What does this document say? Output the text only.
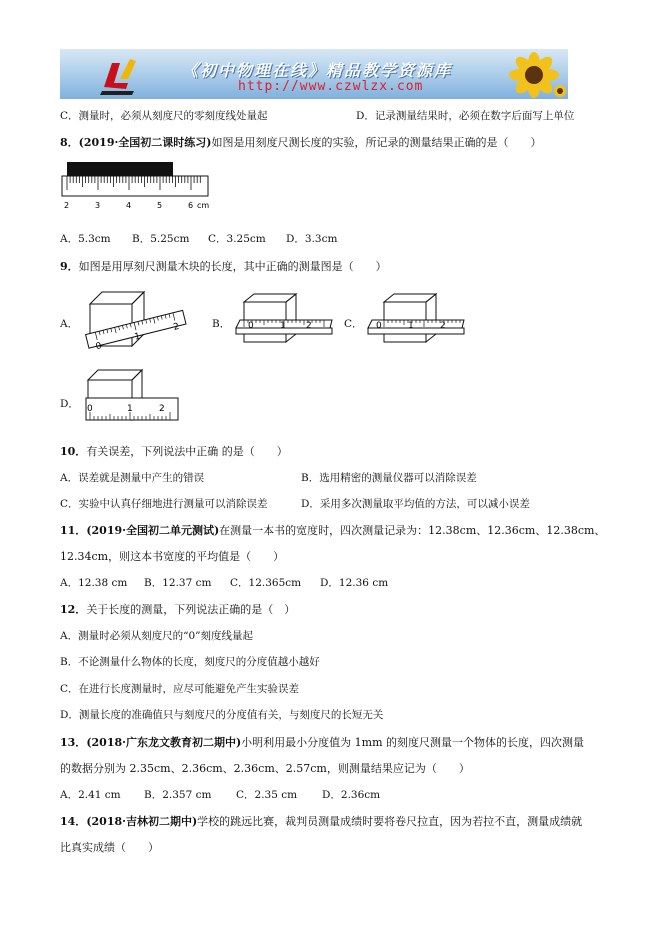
《初中物理在线》精品教学资源库
http://www.czwlzx.com
C．测量时，必须从刻度尺的零刻度线处量起	D．记录测量结果时，必须在数字后面写上单位
8．(2019·全国初二课时练习)如图是用刻度尺测长度的实验，所记录的测量结果正确的是（　　）
2	3	4	5	6 cm
A．5.3cm B．5.25cm C．3.25cm D．3.3cm
9．如图是用厚刻尺测量木块的长度，其中正确的测量图是（　　）
A．
0
1
2	B． 0	1 2	C． 0	1	2
D． 0	1	2
10．有关误差，下列说法中正确 的是（　　）
A．误差就是测量中产生的错误	B．选用精密的测量仪器可以消除误差
C．实验中认真仔细地进行测量可以消除误差	D．采用多次测量取平均值的方法，可以减小误差
11．(2019·全国初二单元测试)在测量一本书的宽度时，四次测量记录为：12.38cm、12.36cm、12.38cm、
12.34cm，则这本书宽度的平均值是（　　）
A．12.38 cm B．12.37 cm C．12.365cm D．12.36 cm
12．关于长度的测量，下列说法正确的是（　）
A．测量时必须从刻度尺的“0”刻度线量起
B．不论测量什么物体的长度，刻度尺的分度值越小越好
C．在进行长度测量时，应尽可能避免产生实验误差
D．测量长度的准确值只与刻度尺的分度值有关，与刻度尺的长短无关
13．(2018·广东龙文教育初二期中)小明利用最小分度值为 1mm 的刻度尺测量一个物体的长度，四次测量
的数据分别为 2.35cm、2.36cm、2.36cm、2.57cm，则测量结果应记为（　　）
A．2.41 cm B．2.357 cm C．2.35 cm D．2.36cm
14．(2018·吉林初二期中)学校的跳远比赛，裁判员测量成绩时要将卷尺拉直，因为若拉不直，测量成绩就
比真实成绩（　　）
